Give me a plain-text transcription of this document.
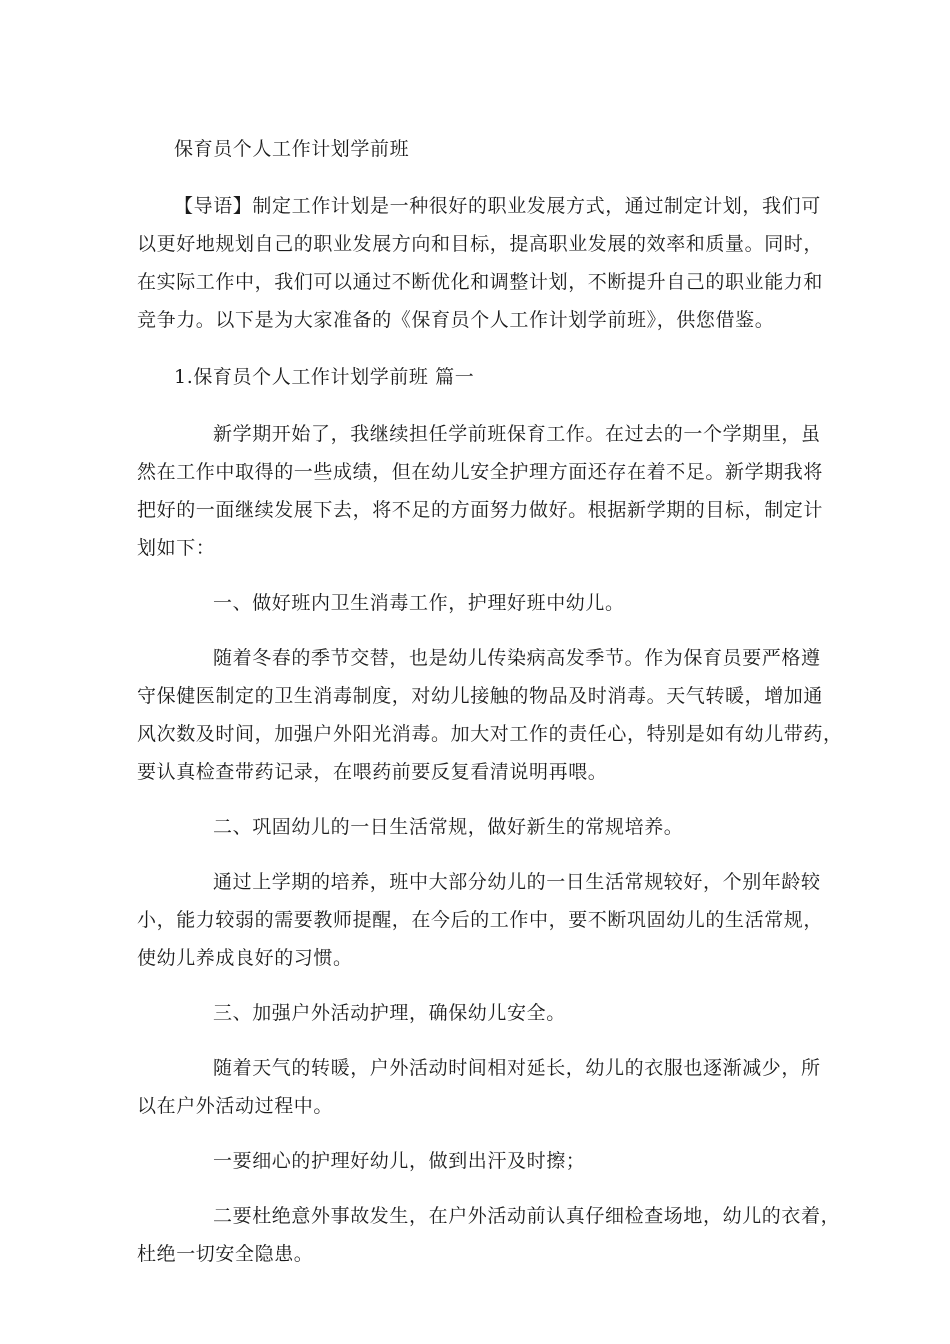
保育员个人工作计划学前班
【导语】制定工作计划是一种很好的职业发展方式，通过制定计划，我们可
以更好地规划自己的职业发展方向和目标，提高职业发展的效率和质量。同时，
在实际工作中，我们可以通过不断优化和调整计划，不断提升自己的职业能力和
竞争力。以下是为大家准备的《保育员个人工作计划学前班》，供您借鉴。
1.保育员个人工作计划学前班 篇一
新学期开始了，我继续担任学前班保育工作。在过去的一个学期里，虽
然在工作中取得的一些成绩，但在幼儿安全护理方面还存在着不足。新学期我将
把好的一面继续发展下去，将不足的方面努力做好。根据新学期的目标，制定计
划如下：
一、做好班内卫生消毒工作，护理好班中幼儿。
随着冬春的季节交替，也是幼儿传染病高发季节。作为保育员要严格遵
守保健医制定的卫生消毒制度，对幼儿接触的物品及时消毒。天气转暖，增加通
风次数及时间，加强户外阳光消毒。加大对工作的责任心，特别是如有幼儿带药，
要认真检查带药记录，在喂药前要反复看清说明再喂。
二、巩固幼儿的一日生活常规，做好新生的常规培养。
通过上学期的培养，班中大部分幼儿的一日生活常规较好，个别年龄较
小，能力较弱的需要教师提醒，在今后的工作中，要不断巩固幼儿的生活常规，
使幼儿养成良好的习惯。
三、加强户外活动护理，确保幼儿安全。
随着天气的转暖，户外活动时间相对延长，幼儿的衣服也逐渐减少，所
以在户外活动过程中。
一要细心的护理好幼儿，做到出汗及时擦；
二要杜绝意外事故发生，在户外活动前认真仔细检查场地，幼儿的衣着，
杜绝一切安全隐患。
